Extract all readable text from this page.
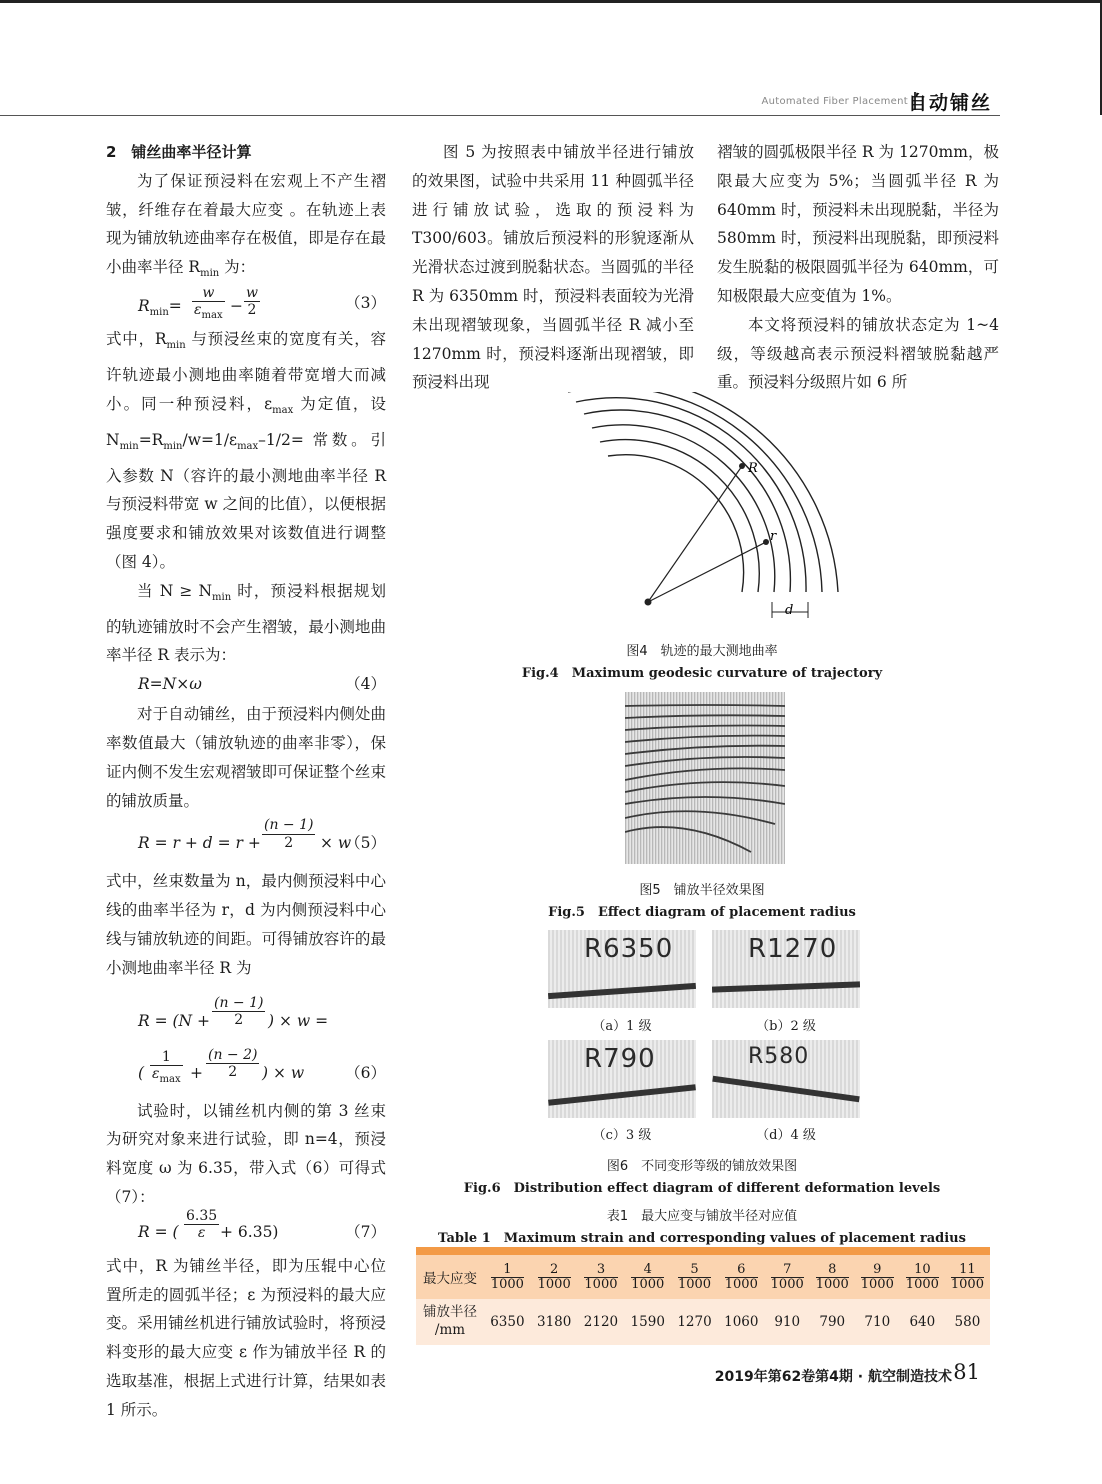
Automated Fiber Placement 自动铺丝

2　铺丝曲率半径计算

为了保证预浸料在宏观上不产生褶皱，纤维存在着最大应变 。在轨迹上表现为铺放轨迹曲率存在极值，即是存在最小曲率半径 $R_{min}$ 为：

$R_{min}=$
w
$\varepsilon_{max}$
− $\frac{w}{2}$	（3）

式中，$R_{min}$ 与预浸丝束的宽度有关，容许轨迹最小测地曲率随着带宽增大而减小。同一种预浸料，$\varepsilon_{max}$ 为定值，设 $N_{min}=R_{min}/w=1/\varepsilon_{max}-1/2=$ 常数。引入参数 N（容许的最小测地曲率半径 R 与预浸料带宽 w 之间的比值），以便根据强度要求和铺放效果对该数值进行调整（图 4）。

当 $N \ge N_{min}$ 时，预浸料根据规划的轨迹铺放时不会产生褶皱，最小测地曲率半径 R 表示为：

R=N×ω	（4）

对于自动铺丝，由于预浸料内侧处曲率数值最大（铺放轨迹的曲率非零），保证内侧不发生宏观褶皱即可保证整个丝束的铺放质量。

$R = r + d = r + \frac{(n - 1)}{2} \times w$
（5）

式中，丝束数量为 n，最内侧预浸料中心线的曲率半径为 r，d 为内侧预浸料中心线与铺放轨迹的间距。可得铺放容许的最小测地曲率半径 R 为

$R = (N + \frac{(n - 1)}{2}$ ) × w =
(
1
$\varepsilon_{max} + \frac{(n - 2)}{2}$ ) × w	（6）

试验时，以铺丝机内侧的第 3 丝束为研究对象来进行试验，即 n=4，预浸料宽度 ω 为 6.35，带入式（6）可得式（7）：

R = ( $\frac{6.35}{\varepsilon} + 6.35$)	（7）

式中，R 为铺丝半径，即为压辊中心位置所走的圆弧半径；ε 为预浸料的最大应变。采用铺丝机进行铺放试验时，将预浸料变形的最大应变 ε 作为铺放半径 R 的选取基准，根据上式进行计算，结果如表 1 所示。

图 5 为按照表中铺放半径进行铺放的效果图，试验中共采用 11 种圆弧半径进行铺放试验，选取的预浸料为 T300/603。铺放后预浸料的形貌逐渐从光滑状态过渡到脱黏状态。当圆弧的半径 R 为 6350mm 时，预浸料表面较为光滑未出现褶皱现象，当圆弧半径 R 减小至 1270mm 时，预浸料逐渐出现褶皱，即预浸料出现

褶皱的圆弧极限半径 R 为 1270mm，极限最大应变为 5%；当圆弧半径 R 为 640mm 时，预浸料未出现脱黏，半径为 580mm 时，预浸料出现脱黏，即预浸料发生脱黏的极限圆弧半径为 640mm，可知极限最大应变值为 1%。

本文将预浸料的铺放状态定为 1~4 级，等级越高表示预浸料褶皱脱黏越严重。预浸料分级照片如 6 所

R
r
d
图4　轨迹的最大测地曲率
Fig.4　Maximum geodesic curvature of trajectory
图5　铺放半径效果图
Fig.5　Effect diagram of placement radius
R6350	R1270
R790	R580
（a）1 级	（b）2 级
（c）3 级	（d）4 级
图6　不同变形等级的铺放效果图
Fig.6　Distribution effect diagram of different deformation levels
表1　最大应变与铺放半径对应值
Table 1　Maximum strain and corresponding values of placement radius
最大应变	$\frac{1}{1000}$	$\frac{2}{1000}$	$\frac{3}{1000}$	$\frac{4}{1000}$	$\frac{5}{1000}$	$\frac{6}{1000}$	$\frac{7}{1000}$	$\frac{8}{1000}$	$\frac{9}{1000}$	$\frac{10}{1000}$	$\frac{11}{1000}$

铺放半径
/mm	6350	3180	2120	1590	1270	1060	910	790	710	640	580
2019年第62卷第4期 · 航空制造技术 81
